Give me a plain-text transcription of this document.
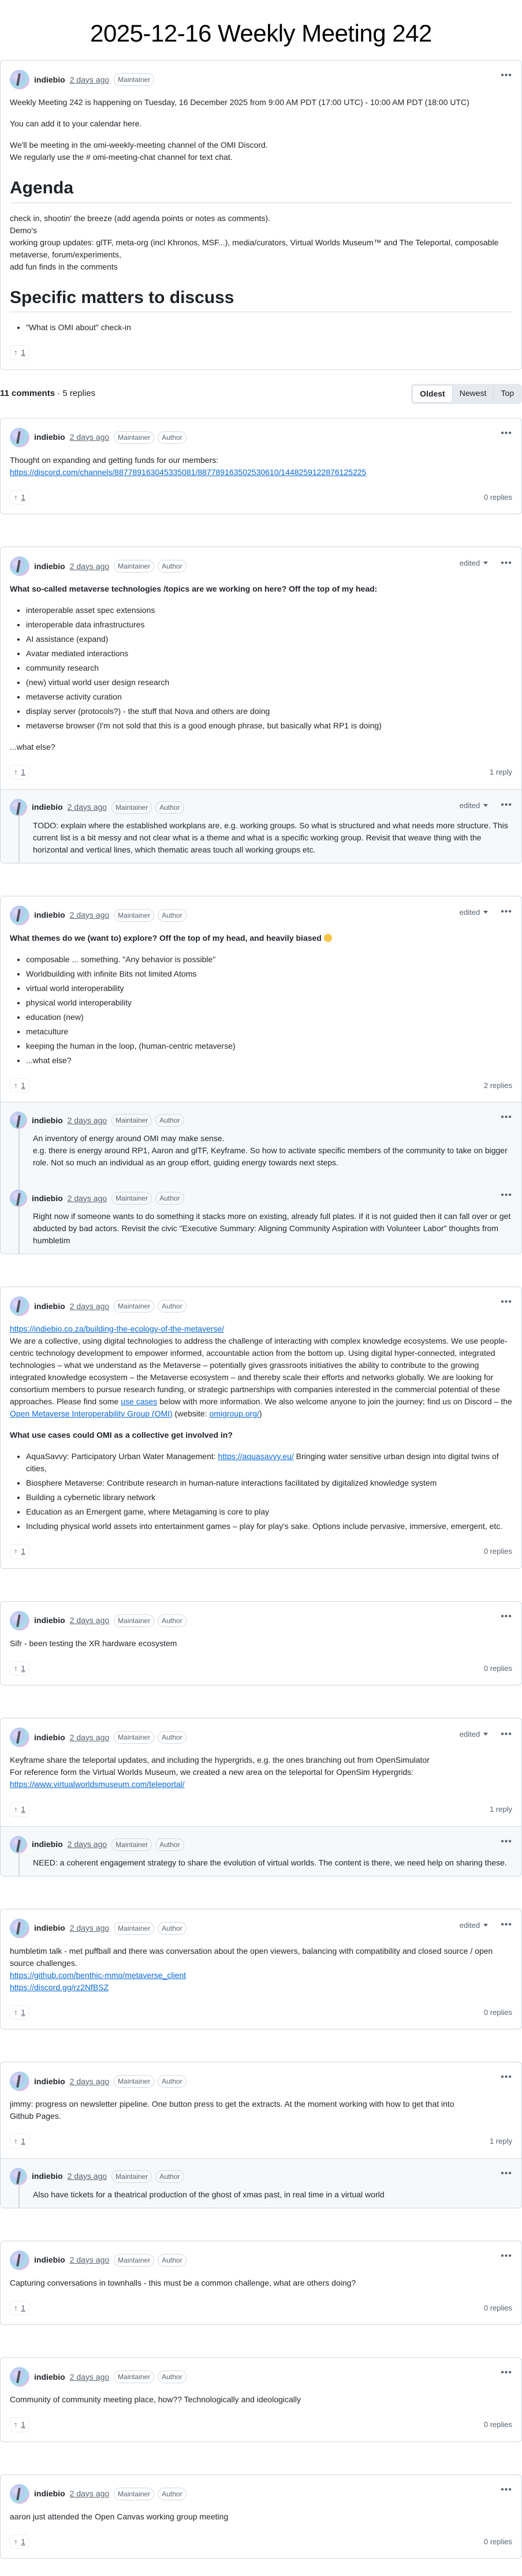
2025-12-16 Weekly Meeting 242
indiebio 2 days ago	Maintainer	•••

Weekly Meeting 242 is happening on Tuesday, 16 December 2025 from 9:00 AM PDT (17:00 UTC) - 10:00 AM PDT (18:00 UTC)

You can add it to your calendar here.

We'll be meeting in the omi-weekly-meeting channel of the OMI Discord.

We regularly use the # omi-meeting-chat channel for text chat.

Agenda

check in, shootin' the breeze (add agenda points or notes as comments).

Demo's

working group updates: glTF, meta-org (incl Khronos, MSF...), media/curators, Virtual Worlds Museum™ and The Teleportal, composable metaverse, forum/experiments,

add fun finds in the comments

Specific matters to discuss
• "What is OMI about" check-in
↑ 1
11 comments · 5 replies	Oldest	Newest	Top
indiebio 2 days ago	Maintainer	Author	•••

Thought on expanding and getting funds for our members:

https://discord.com/channels/887789163045335081/887789163502530610/1448259122876125225

↑ 1	0 replies
indiebio 2 days ago	Maintainer	Author	edited •••

What so-called metaverse technologies /topics are we working on here? Off the top of my head:

• interoperable asset spec extensions
• interoperable data infrastructures
• AI assistance (expand)
• Avatar mediated interactions
• community research
• (new) virtual world user design research
• metaverse activity curation
• display server (protocols?) - the stuff that Nova and others are doing
• metaverse browser (I'm not sold that this is a good enough phrase, but basically what RP1 is doing)

...what else?

↑ 1	1 reply
indiebio 2 days ago	Maintainer	Author	edited •••

TODO: explain where the established workplans are, e.g. working groups. So what is structured and what needs more structure. This current list is a bit messy and not clear what is a theme and what is a specific working group. Revisit that weave thing with the horizontal and vertical lines, which thematic areas touch all working groups etc.

indiebio 2 days ago	Maintainer	Author	edited •••

What themes do we (want to) explore? Off the top of my head, and heavily biased

• composable ... something. "Any behavior is possible"
• Worldbuilding with infinite Bits not limited Atoms
• virtual world interoperability
• physical world interoperability
• education (new)
• metaculture
• keeping the human in the loop, (human-centric metaverse)
• ...what else?
↑ 1	2 replies
indiebio 2 days ago	Maintainer	Author	•••

An inventory of energy around OMI may make sense.

e.g. there is energy around RP1, Aaron and glTF, Keyframe. So how to activate specific members of the community to take on bigger role. Not so much an individual as an group effort, guiding energy towards next steps.

indiebio 2 days ago	Maintainer	Author	•••

Right now if someone wants to do something it stacks more on existing, already full plates. If it is not guided then it can fall over or get abducted by bad actors. Revisit the civic "Executive Summary: Aligning Community Aspiration with Volunteer Labor" thoughts from humbletim

indiebio 2 days ago	Maintainer	Author	•••

https://indiebio.co.za/building-the-ecology-of-the-metaverse/

We are a collective, using digital technologies to address the challenge of interacting with complex knowledge ecosystems. We use people-centric technology development to empower informed, accountable action from the bottom up. Using digital hyper-connected, integrated technologies – what we understand as the Metaverse – potentially gives grassroots initiatives the ability to contribute to the growing integrated knowledge ecosystem – the Metaverse ecosystem – and thereby scale their efforts and networks globally. We are looking for consortium members to pursue research funding, or strategic partnerships with companies interested in the commercial potential of these approaches. Please find some use cases below with more information. We also welcome anyone to join the journey; find us on Discord – the Open Metaverse Interoperability Group (OMI) (website: omigroup.org/)

What use cases could OMI as a collective get involved in?

• AquaSavvy: Participatory Urban Water Management: https://aquasavvy.eu/ Bringing water sensitive urban design into digital twins of cities,
• Biosphere Metaverse: Contribute research in human-nature interactions facilitated by digitalized knowledge system
• Building a cybernetic library network
• Education as an Emergent game, where Metagaming is core to play
• Including physical world assets into entertainment games – play for play's sake. Options include pervasive, immersive, emergent, etc.
↑ 1	0 replies
indiebio 2 days ago	Maintainer	Author	•••

Sifr - been testing the XR hardware ecosystem

↑ 1	0 replies
indiebio 2 days ago	Maintainer	Author	edited •••

Keyframe share the teleportal updates, and including the hypergrids, e.g. the ones branching out from OpenSimulator

For reference form the Virtual Worlds Museum, we created a new area on the teleportal for OpenSim Hypergrids:

https://www.virtualworldsmuseum.com/teleportal/

↑ 1	1 reply
indiebio 2 days ago	Maintainer	Author	•••

NEED: a coherent engagement strategy to share the evolution of virtual worlds. The content is there, we need help on sharing these.

indiebio 2 days ago	Maintainer	Author	edited •••

humbletim talk - met puffball and there was conversation about the open viewers, balancing with compatibility and closed source / open source challenges.

https://github.com/benthic-mmo/metaverse_client

https://discord.gg/rz2NfBSZ

↑ 1	0 replies
indiebio 2 days ago	Maintainer	Author	•••

jimmy: progress on newsletter pipeline. One button press to get the extracts. At the moment working with how to get that into Github Pages.

↑ 1	1 reply
indiebio 2 days ago	Maintainer	Author	•••

Also have tickets for a theatrical production of the ghost of xmas past, in real time in a virtual world

indiebio 2 days ago	Maintainer	Author	•••

Capturing conversations in townhalls - this must be a common challenge, what are others doing?

↑ 1	0 replies
indiebio 2 days ago	Maintainer	Author	•••

Community of community meeting place, how?? Technologically and ideologically

↑ 1	0 replies
indiebio 2 days ago	Maintainer	Author	•••

aaron just attended the Open Canvas working group meeting

↑ 1	0 replies
